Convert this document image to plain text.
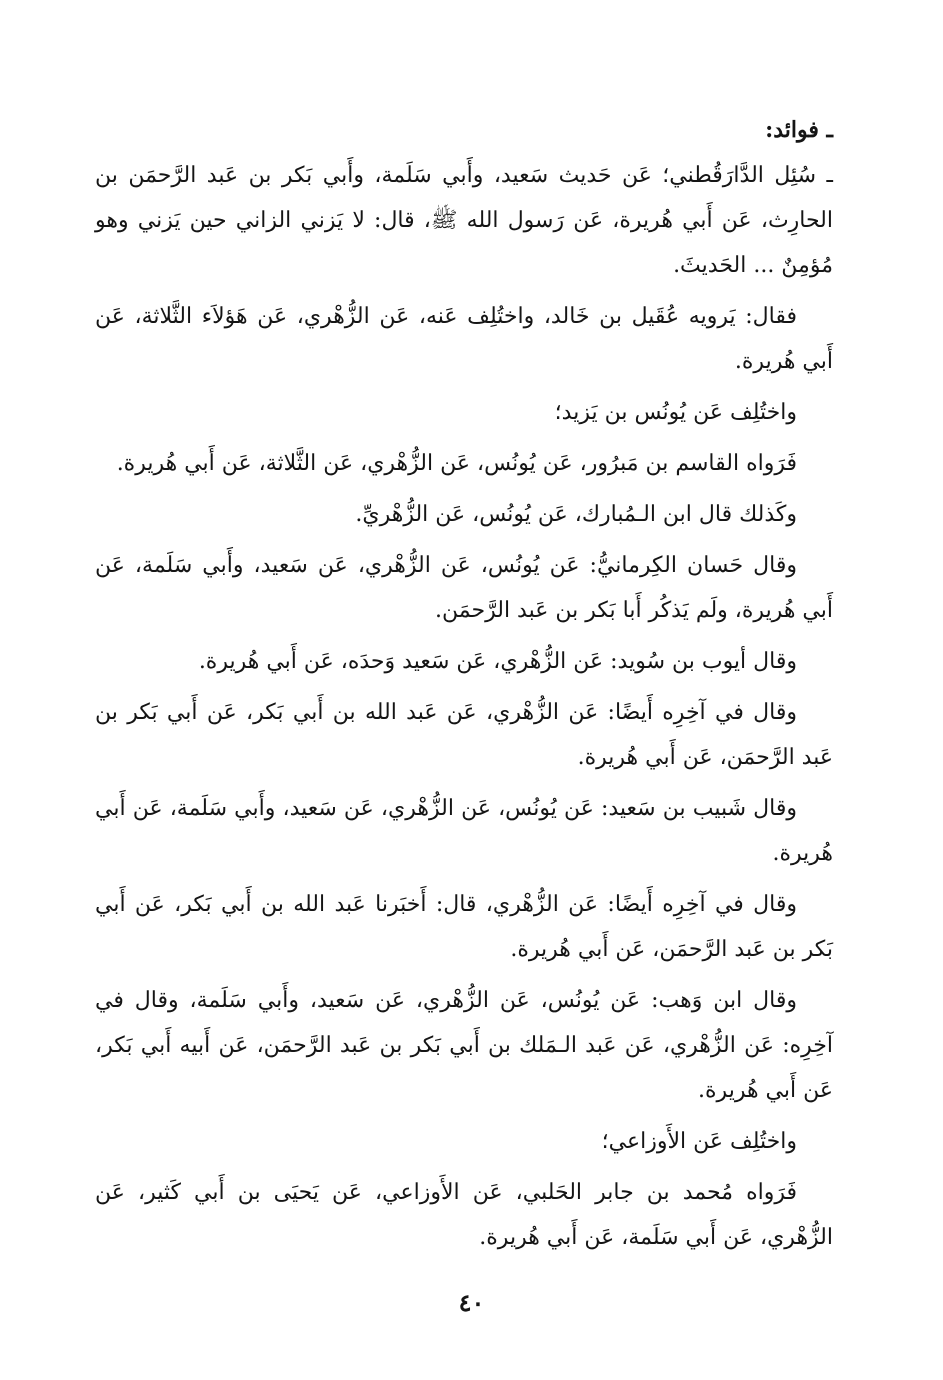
ـ فوائد:

ـ سُئِل الدَّارَقُطني؛ عَن حَديث سَعيد، وأَبي سَلَمة، وأَبي بَكر بن عَبد الرَّحمَن بن الحارِث، عَن أَبي هُريرة، عَن رَسول الله ﷺ، قال: لا يَزني الزاني حين يَزني وهو مُؤمِنٌ ... الحَديثَ.

فقال: يَرويه عُقَيل بن خَالد، واختُلِف عَنه، عَن الزُّهْري، عَن هَؤلاَء الثَّلاثة، عَن أَبي هُريرة.

واختُلِف عَن يُونُس بن يَزيد؛

فَرَواه القاسم بن مَبرُور، عَن يُونُس، عَن الزُّهْري، عَن الثَّلاثة، عَن أَبي هُريرة.

وكَذلك قال ابن الـمُبارك، عَن يُونُس، عَن الزُّهْريِّ.

وقال حَسان الكِرمانيُّ: عَن يُونُس، عَن الزُّهْري، عَن سَعيد، وأَبي سَلَمة، عَن أَبي هُريرة، ولَم يَذكُر أَبا بَكر بن عَبد الرَّحمَن.

وقال أيوب بن سُويد: عَن الزُّهْري، عَن سَعيد وَحدَه، عَن أَبي هُريرة.

وقال في آخِرِه أَيضًا: عَن الزُّهْري، عَن عَبد الله بن أَبي بَكر، عَن أَبي بَكر بن عَبد الرَّحمَن، عَن أَبي هُريرة.

وقال شَبيب بن سَعيد: عَن يُونُس، عَن الزُّهْري، عَن سَعيد، وأَبي سَلَمة، عَن أَبي هُريرة.

وقال في آخِرِه أَيضًا: عَن الزُّهْري، قال: أَخبَرنا عَبد الله بن أَبي بَكر، عَن أَبي بَكر بن عَبد الرَّحمَن، عَن أَبي هُريرة.

وقال ابن وَهب: عَن يُونُس، عَن الزُّهْري، عَن سَعيد، وأَبي سَلَمة، وقال في آخِرِه: عَن الزُّهْري، عَن عَبد الـمَلك بن أَبي بَكر بن عَبد الرَّحمَن، عَن أَبيه أَبي بَكر، عَن أَبي هُريرة.

واختُلِف عَن الأَوزاعي؛

فَرَواه مُحمد بن جابر الحَلبي، عَن الأَوزاعي، عَن يَحيَى بن أَبي كَثير، عَن الزُّهْري، عَن أَبي سَلَمة، عَن أَبي هُريرة.

٤٠
